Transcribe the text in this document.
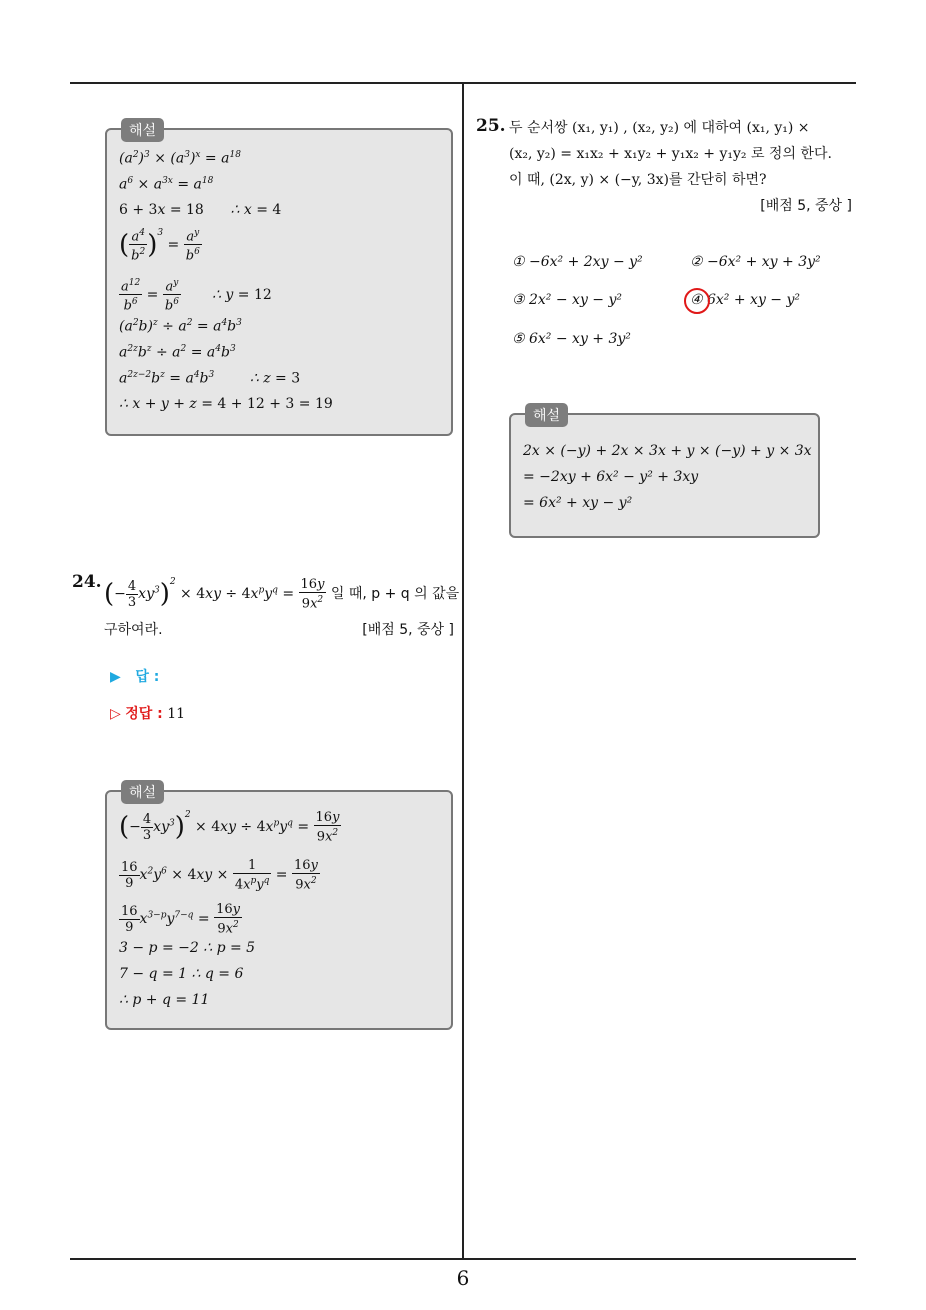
6
해설
$(a^2)^3 \times (a^3)^x = a^{18}$
$a^6 \times a^{3x} = a^{18}$
6 + 3x = 18      ∴ x = 4
( $\frac{a^4}{b^2} )^3 = \frac{a^y}{b^6}$
$\frac{a^{12}}{b^6} = \frac{a^y}{b^6}$ ∴ y = 12
$(a^2b)^z \div a^2 = a^4b^3$
$a^{2z}b^z \div a^2 = a^4b^3$
$a^{2z-2}b^z = a^4b^3$        ∴ z = 3
∴ x + y + z = 4 + 12 + 3 = 19
24. (− $\frac{4}{3} xy^3)^2 \times 4xy \div 4x^py^q = \frac{16y}{9x^2}$ 일 때, p + q 의 값을
구하여라.	[배점 5, 중상 ]
▶ 답 :
▷ 정답 : 11
해설
(− $\frac{4}{3} xy^3)^2 \times 4xy \div 4x^py^q = \frac{16y}{9x^2}$
$\frac{16}{9} x^2y^6 \times 4xy \times \frac{1}{4x^py^q} = \frac{16y}{9x^2}$
$\frac{16}{9} x^{3-p}y^{7-q} = \frac{16y}{9x^2}$
3 − p = −2 ∴ p = 5
7 − q = 1 ∴ q = 6
∴ p + q = 11
25. 두 순서쌍 (x₁, y₁) , (x₂, y₂) 에 대하여 (x₁, y₁) ×
(x₂, y₂) = x₁x₂ + x₁y₂ + y₁x₂ + y₁y₂ 로 정의 한다.
이 때, (2x, y) × (−y, 3x)를 간단히 하면?
[배점 5, 중상 ]
① −6x² + 2xy − y²	② −6x² + xy + 3y²
③ 2x² − xy − y²	④ 6x² + xy − y²
⑤ 6x² − xy + 3y²
해설
2x × (−y) + 2x × 3x + y × (−y) + y × 3x
= −2xy + 6x² − y² + 3xy
= 6x² + xy − y²
